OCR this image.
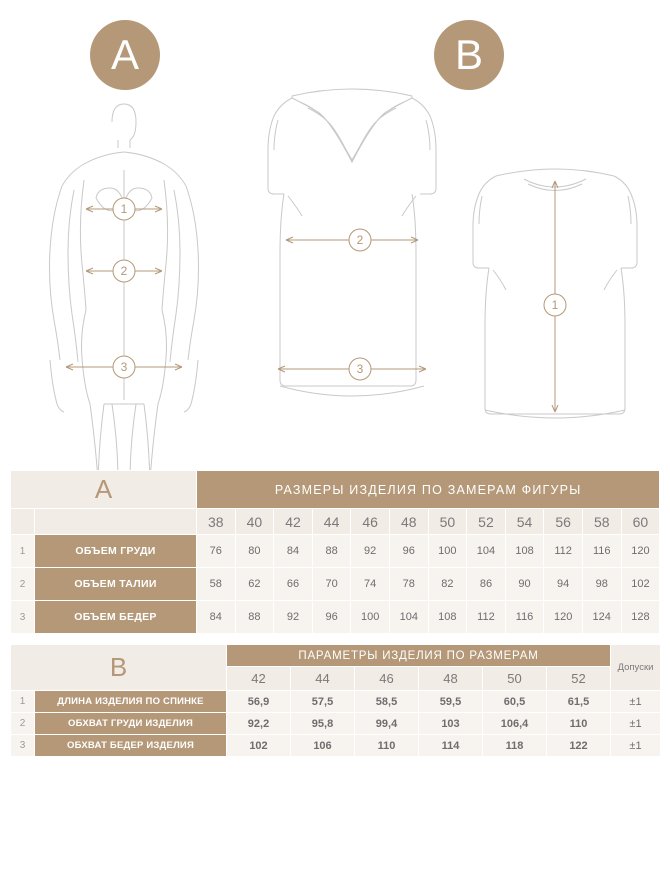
A	B
1
2
3
2
3
1
A		РАЗМЕРЫ ИЗДЕЛИЯ ПО ЗАМЕРАМ ФИГУРЫ											
		38	40	42	44	46	48	50	52	54	56	58	60
1	ОБЪЕМ ГРУДИ	76	80	84	88	92	96	100	104	108	112	116	120
2	ОБЪЕМ ТАЛИИ	58	62	66	70	74	78	82	86	90	94	98	102
3	ОБЪЕМ БЕДЕР	84	88	92	96	100	104	108	112	116	120	124	128
B		ПАРАМЕТРЫ ИЗДЕЛИЯ ПО РАЗМЕРАМ						Допуски
		42	44	46	48	50	52	
1	ДЛИНА ИЗДЕЛИЯ ПО СПИНКЕ	56,9	57,5	58,5	59,5	60,5	61,5	±1
2	ОБХВАТ ГРУДИ ИЗДЕЛИЯ	92,2	95,8	99,4	103	106,4	110	±1
3	ОБХВАТ БЕДЕР ИЗДЕЛИЯ	102	106	110	114	118	122	±1
